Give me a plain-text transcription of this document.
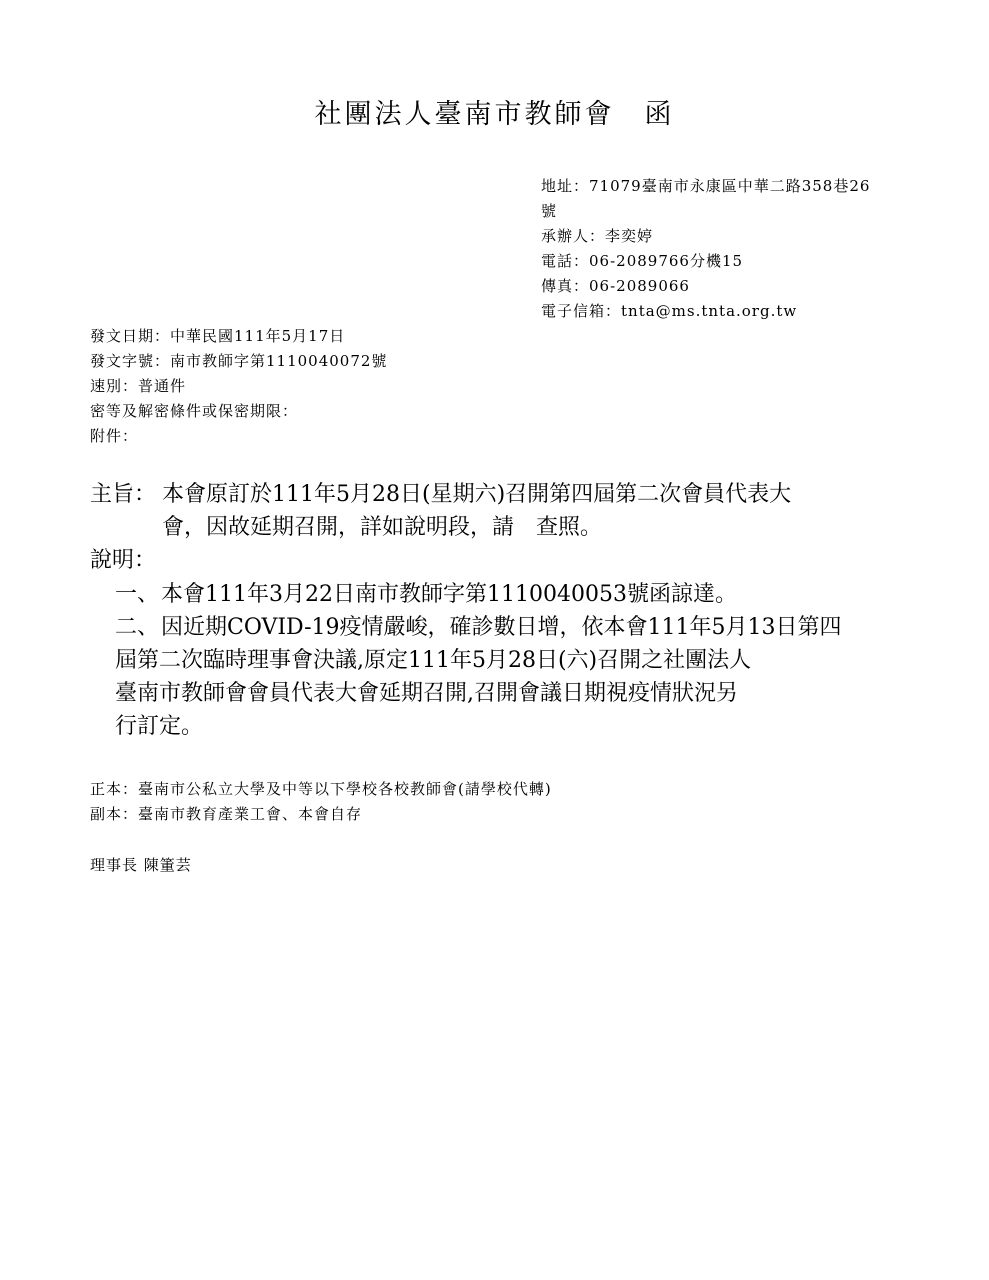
社團法人臺南市教師會　函
地址：71079臺南市永康區中華二路358巷26
號
承辦人：李奕婷
電話：06-2089766分機15
傳真：06-2089066
電子信箱：tnta@ms.tnta.org.tw
發文日期：中華民國111年5月17日
發文字號：南市教師字第1110040072號
速別：普通件
密等及解密條件或保密期限：
附件：
主旨： 本會原訂於111年5月28日(星期六)召開第四屆第二次會員代表大
會，因故延期召開，詳如說明段，請　查照。
說明：
一、 本會111年3月22日南市教師字第1110040053號函諒達。
二、 因近期COVID-19疫情嚴峻，確診數日增，依本會111年5月13日第四
屆第二次臨時理事會決議,原定111年5月28日(六)召開之社團法人
臺南市教師會會員代表大會延期召開,召開會議日期視疫情狀況另
行訂定。
正本：臺南市公私立大學及中等以下學校各校教師會(請學校代轉)
副本：臺南市教育產業工會、本會自存
理事長 陳箽芸
